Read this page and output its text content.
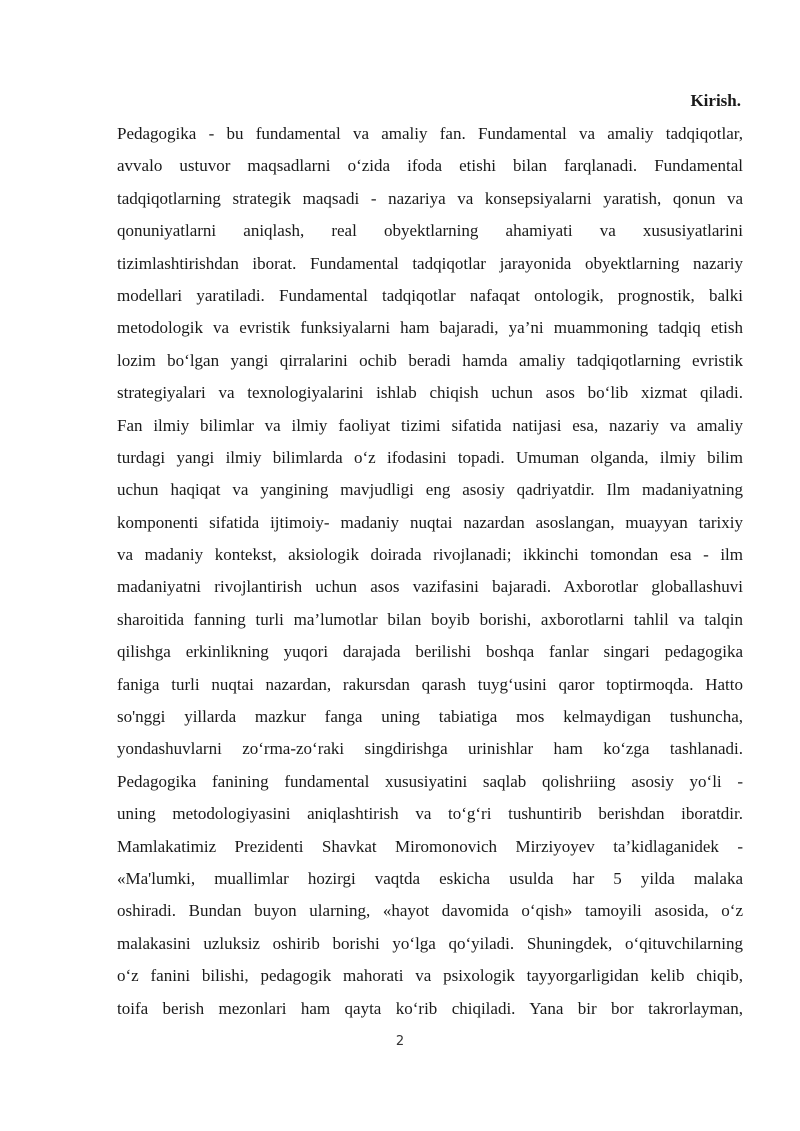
Kirish.

Pedagogika - bu fundamental va amaliy fan. Fundamental va amaliy tadqiqotlar,
avvalo ustuvor maqsadlarni o‘zida ifoda etishi bilan farqlanadi. Fundamental
tadqiqotlarning strategik maqsadi - nazariya va konsepsiyalarni yaratish, qonun va
qonuniyatlarni aniqlash, real obyektlarning ahamiyati va xususiyatlarini
tizimlashtirishdan iborat. Fundamental tadqiqotlar jarayonida obyektlarning nazariy
modellari yaratiladi. Fundamental tadqiqotlar nafaqat ontologik, prognostik, balki
metodologik va evristik funksiyalarni ham bajaradi, ya’ni muammoning tadqiq etish
lozim bo‘lgan yangi qirralarini ochib beradi hamda amaliy tadqiqotlarning evristik
strategiyalari va texnologiyalarini ishlab chiqish uchun asos bo‘lib xizmat qiladi.
Fan ilmiy bilimlar va ilmiy faoliyat tizimi sifatida natijasi esa, nazariy va amaliy
turdagi yangi ilmiy bilimlarda o‘z ifodasini topadi. Umuman olganda, ilmiy bilim
uchun haqiqat va yangining mavjudligi eng asosiy qadriyatdir. Ilm madaniyatning
komponenti sifatida ijtimoiy- madaniy nuqtai nazardan asoslangan, muayyan tarixiy
va madaniy kontekst, aksiologik doirada rivojlanadi; ikkinchi tomondan esa - ilm
madaniyatni rivojlantirish uchun asos vazifasini bajaradi. Axborotlar globallashuvi
sharoitida fanning turli ma’lumotlar bilan boyib borishi, axborotlarni tahlil va talqin
qilishga erkinlikning yuqori darajada berilishi boshqa fanlar singari pedagogika
faniga turli nuqtai nazardan, rakursdan qarash tuyg‘usini qaror toptirmoqda. Hatto
so'nggi yillarda mazkur fanga uning tabiatiga mos kelmaydigan tushuncha,
yondashuvlarni zo‘rma-zo‘raki singdirishga urinishlar ham ko‘zga tashlanadi.
Pedagogika fanining fundamental xususiyatini saqlab qolishriing asosiy yo‘li -
uning metodologiyasini aniqlashtirish va to‘g‘ri tushuntirib berishdan iboratdir.
Mamlakatimiz Prezidenti Shavkat Miromonovich Mirziyoyev ta’kidlaganidek -
«Ma'lumki, muallimlar hozirgi vaqtda eskicha usulda har 5 yilda malaka
oshiradi. Bundan buyon ularning, «hayot davomida o‘qish» tamoyili asosida, o‘z
malakasini uzluksiz oshirib borishi yo‘lga qo‘yiladi. Shuningdek, o‘qituvchilarning
o‘z fanini bilishi, pedagogik mahorati va psixologik tayyorgarligidan kelib chiqib,
toifa berish mezonlari ham qayta ko‘rib chiqiladi. Yana bir bor takrorlayman,
2
